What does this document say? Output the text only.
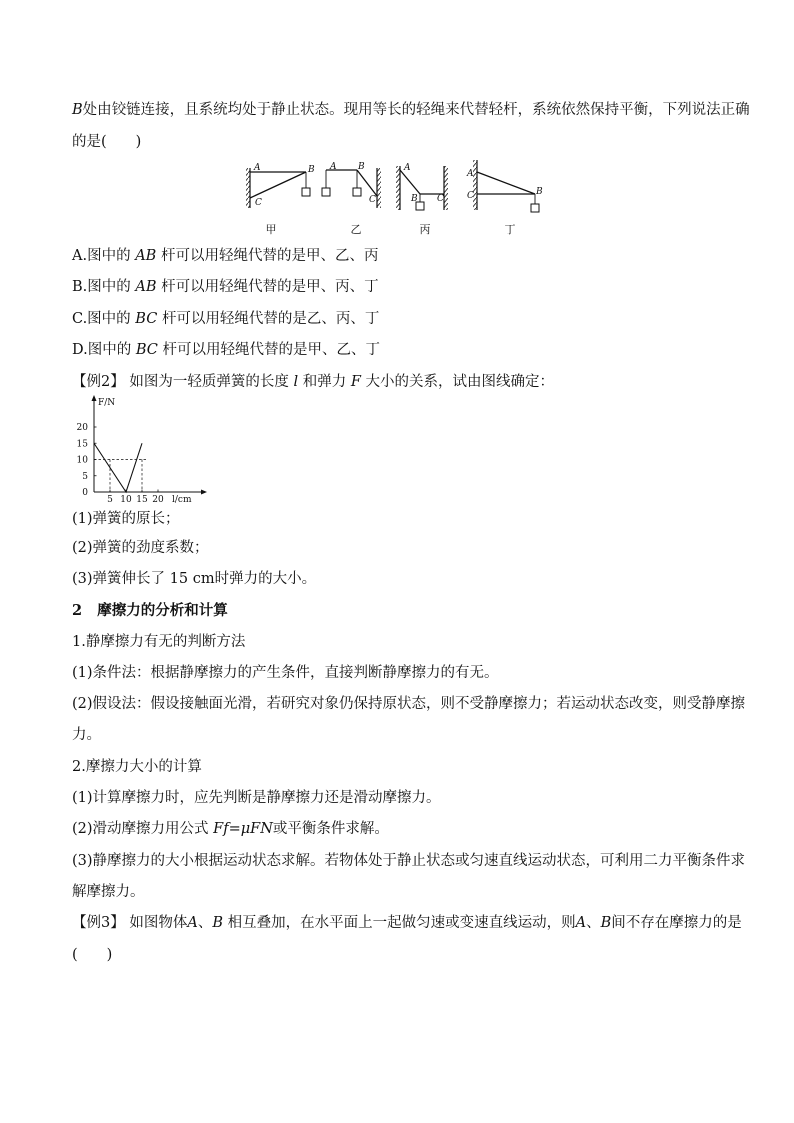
B处由铰链连接，且系统均处于静止状态。现用等长的轻绳来代替轻杆，系统依然保持平衡，下列说法正确
的是(　　)
A	B
C
A B
C
A
B C
A
B
C
甲	乙	丙	丁
A.图中的 AB 杆可以用轻绳代替的是甲、乙、丙
B.图中的 AB 杆可以用轻绳代替的是甲、丙、丁
C.图中的 BC 杆可以用轻绳代替的是乙、丙、丁
D.图中的 BC 杆可以用轻绳代替的是甲、乙、丁
【例2】 如图为一轻质弹簧的长度 l 和弹力 F 大小的关系，试由图线确定：
F/N
l/cm
5 10 15 20
0
5
10
15
20
(1)弹簧的原长；
(2)弹簧的劲度系数；
(3)弹簧伸长了 15 cm时弹力的大小。
2 摩擦力的分析和计算
1.静摩擦力有无的判断方法
(1)条件法：根据静摩擦力的产生条件，直接判断静摩擦力的有无。
(2)假设法：假设接触面光滑，若研究对象仍保持原状态，则不受静摩擦力；若运动状态改变，则受静摩擦
力。
2.摩擦力大小的计算
(1)计算摩擦力时，应先判断是静摩擦力还是滑动摩擦力。
(2)滑动摩擦力用公式 Ff=μFN或平衡条件求解。
(3)静摩擦力的大小根据运动状态求解。若物体处于静止状态或匀速直线运动状态，可利用二力平衡条件求
解摩擦力。
【例3】 如图物体A、B 相互叠加，在水平面上一起做匀速或变速直线运动，则A、B间不存在摩擦力的是
(　　)
